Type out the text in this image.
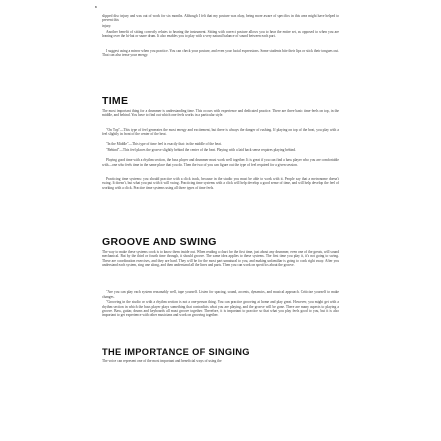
8

slipped disc injury and was out of work for six months. Although I felt that my posture was okay, being more aware of specifics in this area might have helped to prevent this

injury.

Another benefit of sitting correctly relates to hearing the instrument. Sitting with correct posture allows you to hear the entire set, as opposed to when you are leaning over the hi-hat or snare drum. It also enables you to play with a very natural balance of sound between each part.

I suggest using a mirror when you practice. You can check your posture, and even your facial expressions. Some students bite their lips or stick their tongues out. That can also tense your energy.

TIME

The most important thing for a drummer is understanding time. This occurs with experience and dedicated practice. There are three basic time-feels on top, in the middle, and behind. You have to find out which one feels works in a particular style.

"On Top"—This type of feel generates the most energy and excitement, but there is always the danger of rushing. If playing on top of the beat, you play with a feel slightly in front of the center of the beat.

"In the Middle"—This type of time feel is exactly that: in the middle of the beat.

"Behind"—This feel places the groove slightly behind the center of the beat. Playing with a laid back sense requires playing behind.

Playing good time with a rhythm section, the bass player and drummer must work well together. It is great if you can find a bass player who you are comfortable with—one who feels time in the same place that you do. Then the two of you can figure out the type of feel required for a given session.

Practicing time systems: you should practice with a click track, because in the studio you must be able to work with it. People say that a metronome doesn't swing. It doesn't, but what you put with it will swing. Practicing time systems with a click will help develop a good sense of time, and will help develop the feel of working with a click. Practice time systems using all three types of time feels.

GROOVE AND SWING

The way to make these systems cook is to know them inside out. When reading a chart for the first time, just about any drummer, even one of the greats, will sound mechanical. But by the third or fourth time through, it should groove. The same idea applies to these systems. The first time you play it, it's not going to swing. These are coordination exercises, and they are hard. They will be for the most part unnatural to you, and making unfamiliar is going to cook right away. After you understand each system, sing one along, and then understand all the lines and parts. Then you can work on specifics about the groove.

"Are you can play each system reasonably well, tape yourself. Listen for spacing, sound, accents, dynamics, and musical approach. Criticize yourself to make changes.

"Grooving in the studio or with a rhythm section is not a one-person thing. You can practice grooving at home and play great. However, you might get with a rhythm section in which the bass player plays something that contradicts what you are playing, and the groove will be gone. There are many aspects to playing a groove. Bass, guitar, drums and keyboards all must groove together. Therefore, it is important to practice so that what you play feels good to you, but it is also important to get experience with other musicians and work on grooving together.

THE IMPORTANCE OF SINGING

The voice can represent one of the most important and beneficial ways of using the
